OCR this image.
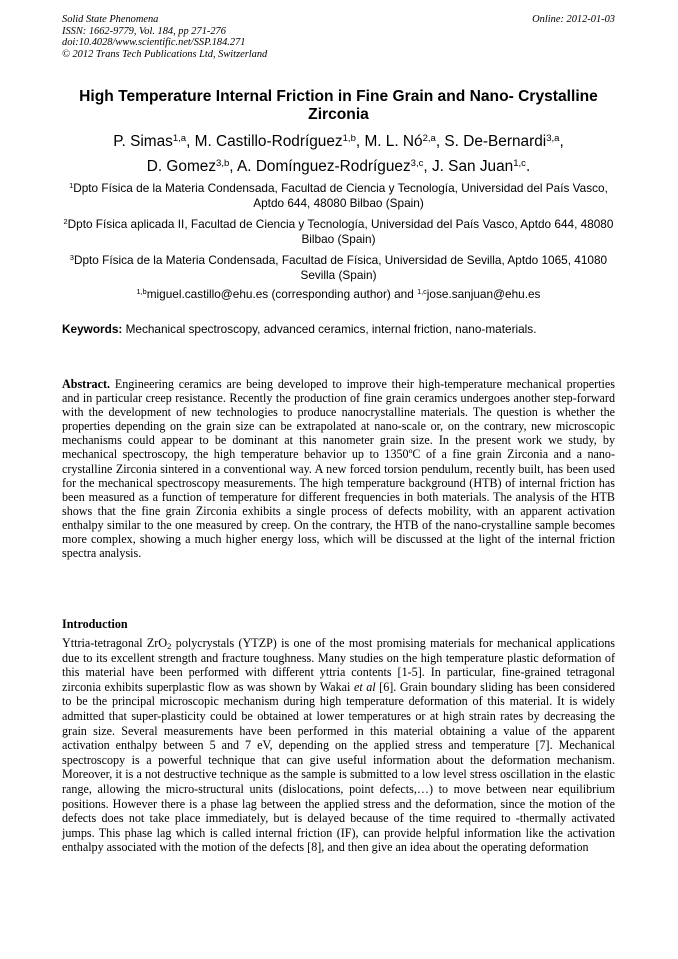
Solid State Phenomena
ISSN: 1662-9779, Vol. 184, pp 271-276
doi:10.4028/www.scientific.net/SSP.184.271
© 2012 Trans Tech Publications Ltd, Switzerland
Online: 2012-01-03
High Temperature Internal Friction in Fine Grain and Nano- Crystalline Zirconia
P. Simas$^{1,a}$, M. Castillo-Rodríguez$^{1,b}$, M. L. Nó$^{2,a}$, S. De-Bernardi$^{3,a}$,
D. Gomez$^{3,b}$, A. Domínguez-Rodríguez$^{3,c}$, J. San Juan$^{1,c}$.
$^1$Dpto Física de la Materia Condensada, Facultad de Ciencia y Tecnología, Universidad del País Vasco, Aptdo 644, 48080 Bilbao (Spain)
$^2$Dpto Física aplicada II, Facultad de Ciencia y Tecnología, Universidad del País Vasco, Aptdo 644, 48080 Bilbao (Spain)
$^3$Dpto Física de la Materia Condensada, Facultad de Física, Universidad de Sevilla, Aptdo 1065, 41080 Sevilla (Spain)
$^{1,b}$miguel.castillo@ehu.es (corresponding author) and $^{1,c}$jose.sanjuan@ehu.es
Keywords: Mechanical spectroscopy, advanced ceramics, internal friction, nano-materials.
Abstract. Engineering ceramics are being developed to improve their high-temperature mechanical properties and in particular creep resistance. Recently the production of fine grain ceramics undergoes another step-forward with the development of new technologies to produce nanocrystalline materials. The question is whether the properties depending on the grain size can be extrapolated at nano-scale or, on the contrary, new microscopic mechanisms could appear to be dominant at this nanometer grain size. In the present work we study, by mechanical spectroscopy, the high temperature behavior up to 1350ºC of a fine grain Zirconia and a nano-crystalline Zirconia sintered in a conventional way. A new forced torsion pendulum, recently built, has been used for the mechanical spectroscopy measurements. The high temperature background (HTB) of internal friction has been measured as a function of temperature for different frequencies in both materials. The analysis of the HTB shows that the fine grain Zirconia exhibits a single process of defects mobility, with an apparent activation enthalpy similar to the one measured by creep. On the contrary, the HTB of the nano-crystalline sample becomes more complex, showing a much higher energy loss, which will be discussed at the light of the internal friction spectra analysis.
Introduction
Yttria-tetragonal ZrO$_2$ polycrystals (YTZP) is one of the most promising materials for mechanical applications due to its excellent strength and fracture toughness. Many studies on the high temperature plastic deformation of this material have been performed with different yttria contents [1-5]. In particular, fine-grained tetragonal zirconia exhibits superplastic flow as was shown by Wakai et al [6]. Grain boundary sliding has been considered to be the principal microscopic mechanism during high temperature deformation of this material. It is widely admitted that super-plasticity could be obtained at lower temperatures or at high strain rates by decreasing the grain size. Several measurements have been performed in this material obtaining a value of the apparent activation enthalpy between 5 and 7 eV, depending on the applied stress and temperature [7]. Mechanical spectroscopy is a powerful technique that can give useful information about the deformation mechanism. Moreover, it is a not destructive technique as the sample is submitted to a low level stress oscillation in the elastic range, allowing the micro-structural units (dislocations, point defects,…) to move between near equilibrium positions. However there is a phase lag between the applied stress and the deformation, since the motion of the defects does not take place immediately, but is delayed because of the time required to -thermally activated jumps. This phase lag which is called internal friction (IF), can provide helpful information like the activation enthalpy associated with the motion of the defects [8], and then give an idea about the operating deformation
